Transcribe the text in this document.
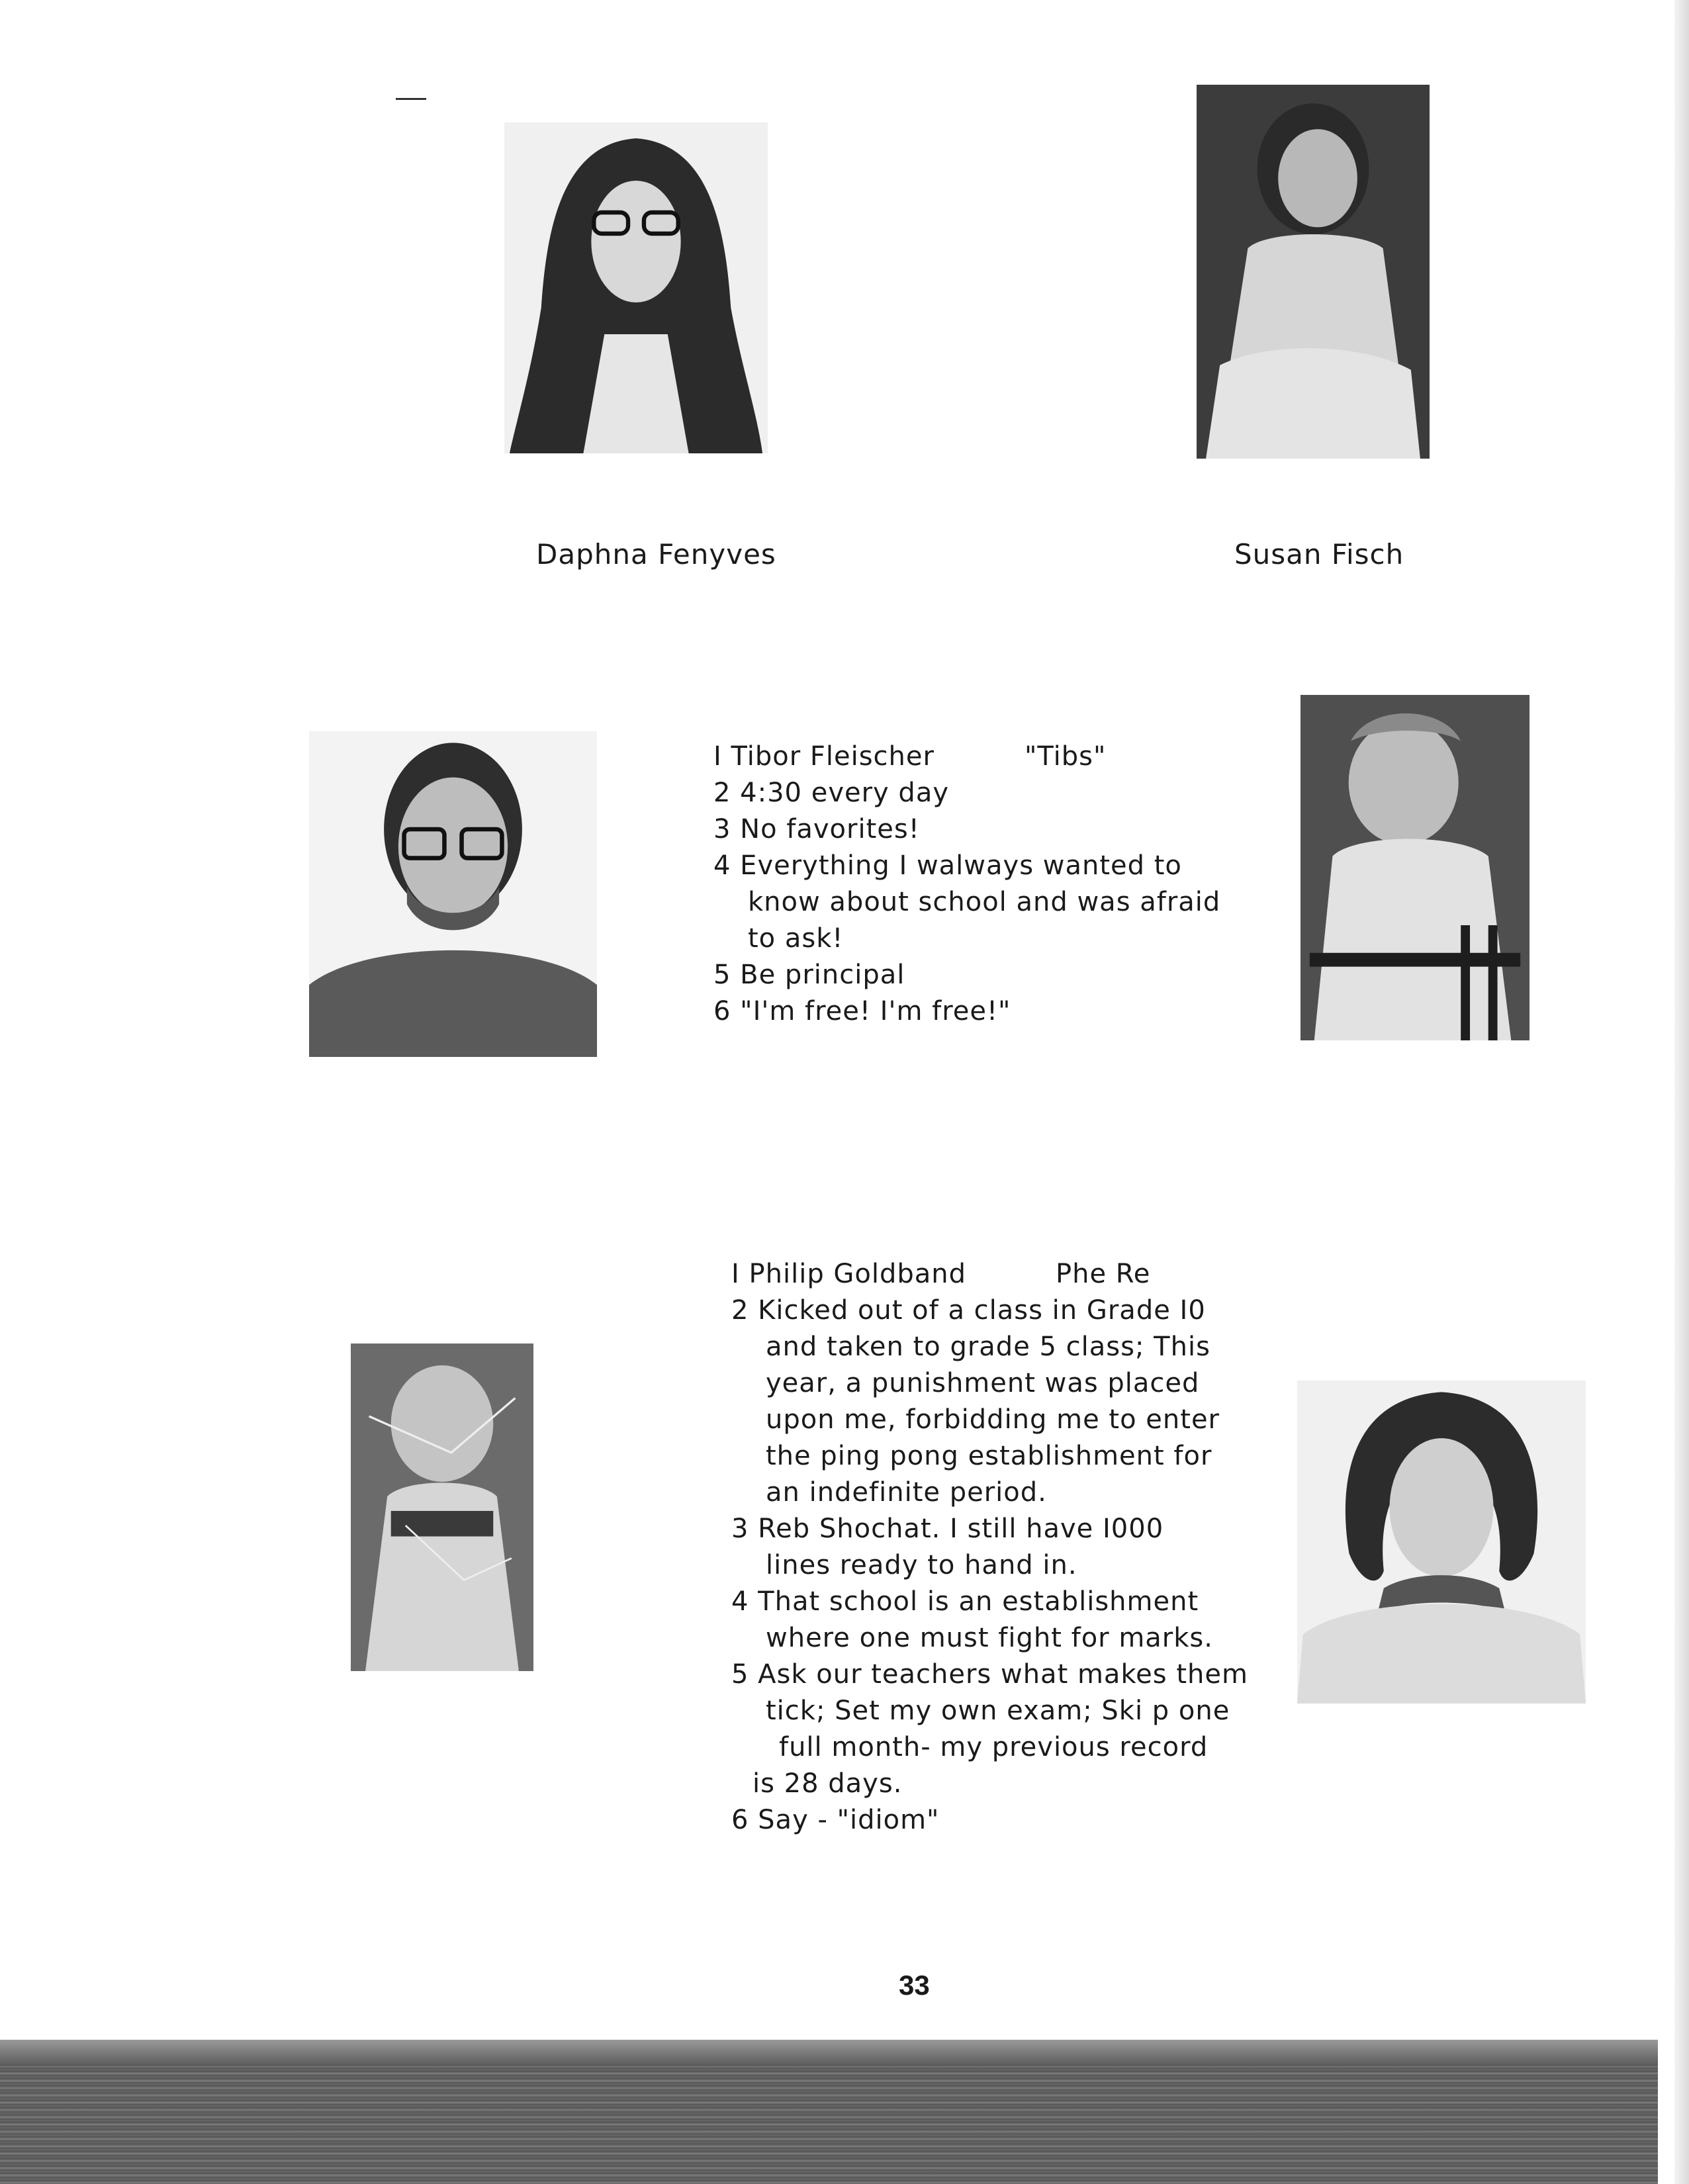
Daphna Fenyves	Susan Fisch
I Tibor Fleischer	"Tibs"
2 4:30 every day
3 No favorites!
4 Everything I walways wanted to
know about school and was afraid
to ask!
5 Be principal
6 "I'm free! I'm free!"
I Philip Goldband	Phe Re
2 Kicked out of a class in Grade I0
and taken to grade 5 class; This
year, a punishment was placed
upon me, forbidding me to enter
the ping pong establishment for
an indefinite period.
3 Reb Shochat. I still have I000
lines ready to hand in.
4 That school is an establishment
where one must fight for marks.
5 Ask our teachers what makes them
tick; Set my own exam; Ski p one
full month- my previous record
is 28 days.
6 Say - "idiom"
33
